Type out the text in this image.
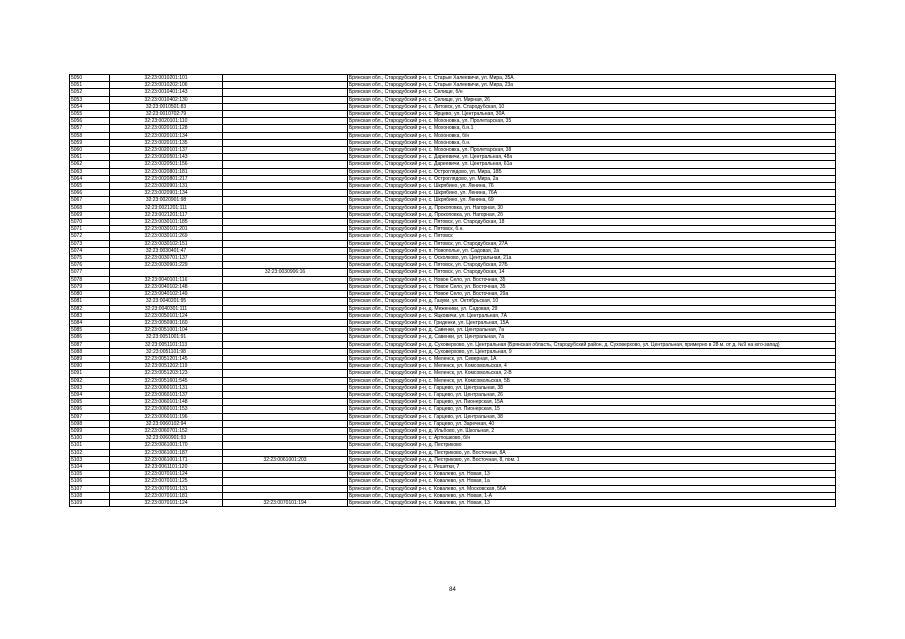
5050	32:23:0010201:101		Брянская обл., Стародубский р-н, с. Старые Халеевичи, ул. Мира, 35А
5051	32:23:0010202:106		Брянская обл., Стародубский р-н, с. Старые Халеевичи, ул. Мира, 23а
5052	32:23:0010401:143		Брянская обл., Стародубский р-н, с. Селище, б/н
5053	32:23:0010402:130		Брянская обл., Стародубский р-н, с. Селище, ул. Мирная, 26
5054	32:23:0010501:83		Брянская обл., Стародубский р-н, с. Литовск, ул. Стародубская, 10
5055	32:23:0010702:79		Брянская обл., Стародубский р-н, с. Ярцево, ул. Центральная, 30А
5056	32:23:0020101:110		Брянская обл., Стародубский р-н, с. Мохоновка, ул. Пролетарская, 35
5057	32:23:0020101:128		Брянская обл., Стародубский р-н, с. Мохоновка, б.н.1
5058	32:23:0020101:134		Брянская обл., Стародубский р-н, с. Мохоновка, б/н
5059	32:23:0020101:135		Брянская обл., Стародубский р-н, с. Мохоновка, б.н.
5060	32:23:0020101:137		Брянская обл., Стародубский р-н, с. Мохоновка, ул. Пролетарская, 38
5061	32:23:0020501:143		Брянская обл., Стародубский р-н, с. Дареевичи, ул. Центральная, 48а
5062	32:23:0020501:156		Брянская обл., Стародубский р-н, с. Дареевичи, ул. Центральная, 61а
5063	32:23:0020801:181		Брянская обл., Стародубский р-н, с. Остроглядово, ул. Мира, 18Б
5064	32:23:0020801:217		Брянская обл., Стародубский р-н, с. Остроглядово, ул. Мира, 2а
5065	32:23:0020901:131		Брянская обл., Стародубский р-н, с. Шкрябино, ул. Ленина, 76
5066	32:23:0020901:134		Брянская обл., Стародубский р-н, с. Шкрябино, ул. Ленина, 76А
5067	32:23:0020901:98		Брянская обл., Стародубский р-н, с. Шкрябино, ул. Ленина, 69
5068	32:23:0021201:111		Брянская обл., Стародубский р-н, д. Прокоповка, ул. Нагорная, 30
5069	32:23:0021201:117		Брянская обл., Стародубский р-н, д. Прокоповка, ул. Нагорная, 2б
5070	32:23:0030101:185		Брянская обл., Стародубский р-н, с. Пятовск, ул. Стародубская, 18
5071	32:23:0030101:201		Брянская обл., Стародубский р-н, с. Пятовск, б.н.
5072	32:23:0030101:269		Брянская обл., Стародубский р-н, с. Пятовск
5073	32:23:0030102:151		Брянская обл., Стародубский р-н, с. Пятовск, ул. Стародубская, 27А
5074	32:23:0030401:47		Брянская обл., Стародубский р-н, п. Новополье, ул. Садовая, 2а
5075	32:23:0030701:137		Брянская обл., Стародубский р-н, с. Осколково, ул. Центральная, 21а
5076	32:23:0030901:229		Брянская обл., Стародубский р-н, с. Пятовск, ул. Стародубская, 27Б
5077		32:23:0030906:16	Брянская обл., Стародубский р-н, с. Пятовск, ул. Стародубская, 14
5078	32:23:0040101:116		Брянская обл., Стародубский р-н, с. Новое Село, ул. Восточная, 35
5079	32:23:0040102:148		Брянская обл., Стародубский р-н, с. Новое Село, ул. Восточная, 35
5080	32:23:0040102:149		Брянская обл., Стародубский р-н, с. Новое Село, ул. Восточная, 29а
5081	32:23:0040201:95		Брянская обл., Стародубский р-н, д. Газуки, ул. Октябрьская, 10
5082	32:23:0040301:111		Брянская обл., Стародубский р-н, д. Меженики, ул. Садовая, 29
5083	32:23:0050101:124		Брянская обл., Стародубский р-н, с. Яцковичи, ул. Центральная, 7А
5084	32:23:0050901:160		Брянская обл., Стародубский р-н, с. Гриденки, ул. Центральная, 15А
5085	32:23:0051001:104		Брянская обл., Стародубский р-н, д. Савенки, ул. Центральная, 7а
5086	32:23:0051001:91		Брянская обл., Стародубский р-н, д. Савенки, ул. Центральная, 7а
5087	32:23:0051101:113		Брянская обл., Стародубский р-н, д. Суховерхово, ул. Центральная (Брянская область, Стародубский район, д. Суховерхово, ул. Центральная, примерно в 28 м. от д. №9 на юго-запад)
5088	32:23:0051101:98		Брянская обл., Стародубский р-н, д. Суховерхово, ул. Центральная, 9
5089	32:23:0051201:145		Брянская обл., Стародубский р-н, с. Меленск, ул. Северная, 1А
5090	32:23:0051202:119		Брянская обл., Стародубский р-н, с. Меленск, ул. Комсомольская, 4
5091	32:23:0051203:123		Брянская обл., Стародубский р-н, с. Меленск, ул. Комсомольская, 2-В
5092	32:23:0051601:545		Брянская обл., Стародубский р-н, с. Меленск, ул. Комсомольская, 5Б
5093	32:23:0060101:131		Брянская обл., Стародубский р-н, с. Гарцево, ул. Центральная, 38
5094	32:23:0060101:137		Брянская обл., Стародубский р-н, с. Гарцево, ул. Центральная, 26
5095	32:23:0060101:148		Брянская обл., Стародубский р-н, с. Гарцево, ул. Пионерская, 15А
5096	32:23:0060101:153		Брянская обл., Стародубский р-н, с. Гарцево, ул. Пионерская, 15
5097	32:23:0060101:196		Брянская обл., Стародубский р-н, с. Гарцево, ул. Центральная, 38
5098	32:23:0060102:94		Брянская обл., Стародубский р-н, с. Гарцево, ул. Заречная, 40
5099	32:23:0060701:152		Брянская обл., Стародубский р-н, д. Ильбово, ул. Школьная, 2
5100	32:23:0060901:93		Брянская обл., Стародубский р-н, с. Артюшково, б/н
5101	32:23:0061001:170		Брянская обл., Стародубский р-н, д. Пестриково
5102	32:23:0061001:187		Брянская обл., Стародубский р-н, д. Пестриково, ул. Восточная, 8А
5103	32:23:0061001:171	32:23:0061001:203	Брянская обл., Стародубский р-н, д. Пестриково, ул. Восточная, 8, пом. 1
5104	32:23:0061101:120		Брянская обл., Стародубский р-н, с. Решетки, 7
5105	32:23:0070101:124		Брянская обл., Стародубский р-н, с. Ковалево, ул. Новая, 13
5106	32:23:0070101:125		Брянская обл., Стародубский р-н, с. Ковалево, ул. Новая, 1а
5107	32:23:0070101:131		Брянская обл., Стародубский р-н, с. Ковалево, ул. Московская, 56А
5108	32:23:0070101:181		Брянская обл., Стародубский р-н, с. Ковалево, ул. Новая, 1-А
5109	32:23:0070101:124	32:23:0070101:194	Брянская обл., Стародубский р-н, с. Ковалево, ул. Новая, 13
84
